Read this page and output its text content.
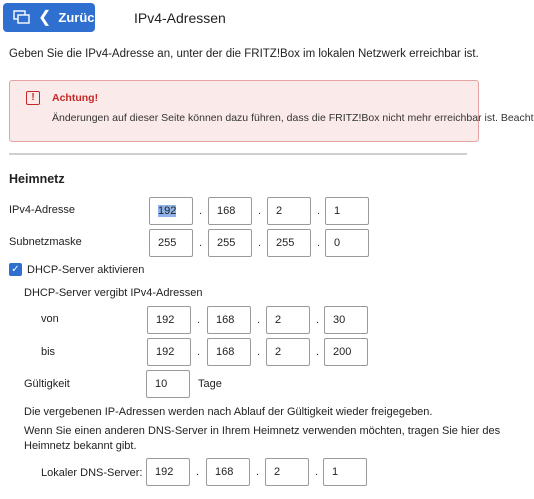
❮ Zurück IPv4-Adressen
Geben Sie die IPv4-Adresse an, unter der die FRITZ!Box im lokalen Netzwerk erreichbar ist.
!	Achtung!
Änderungen auf dieser Seite können dazu führen, dass die FRITZ!Box nicht mehr erreichbar ist. Beacht
Heimnetz
IPv4-Adresse	192	.	168	.	2	.	1
Subnetzmaske	255	.	255	.	255	.	0
✓ DHCP-Server aktivieren
DHCP-Server vergibt IPv4-Adressen
von	192	.	168	.	2	.	30
bis	192	.	168	.	2	.	200
Gültigkeit	10	Tage
Die vergebenen IP-Adressen werden nach Ablauf der Gültigkeit wieder freigegeben.
Wenn Sie einen anderen DNS-Server in Ihrem Heimnetz verwenden möchten, tragen Sie hier des
Heimnetz bekannt gibt.
Lokaler DNS-Server:	192	.	168	.	2	.	1
